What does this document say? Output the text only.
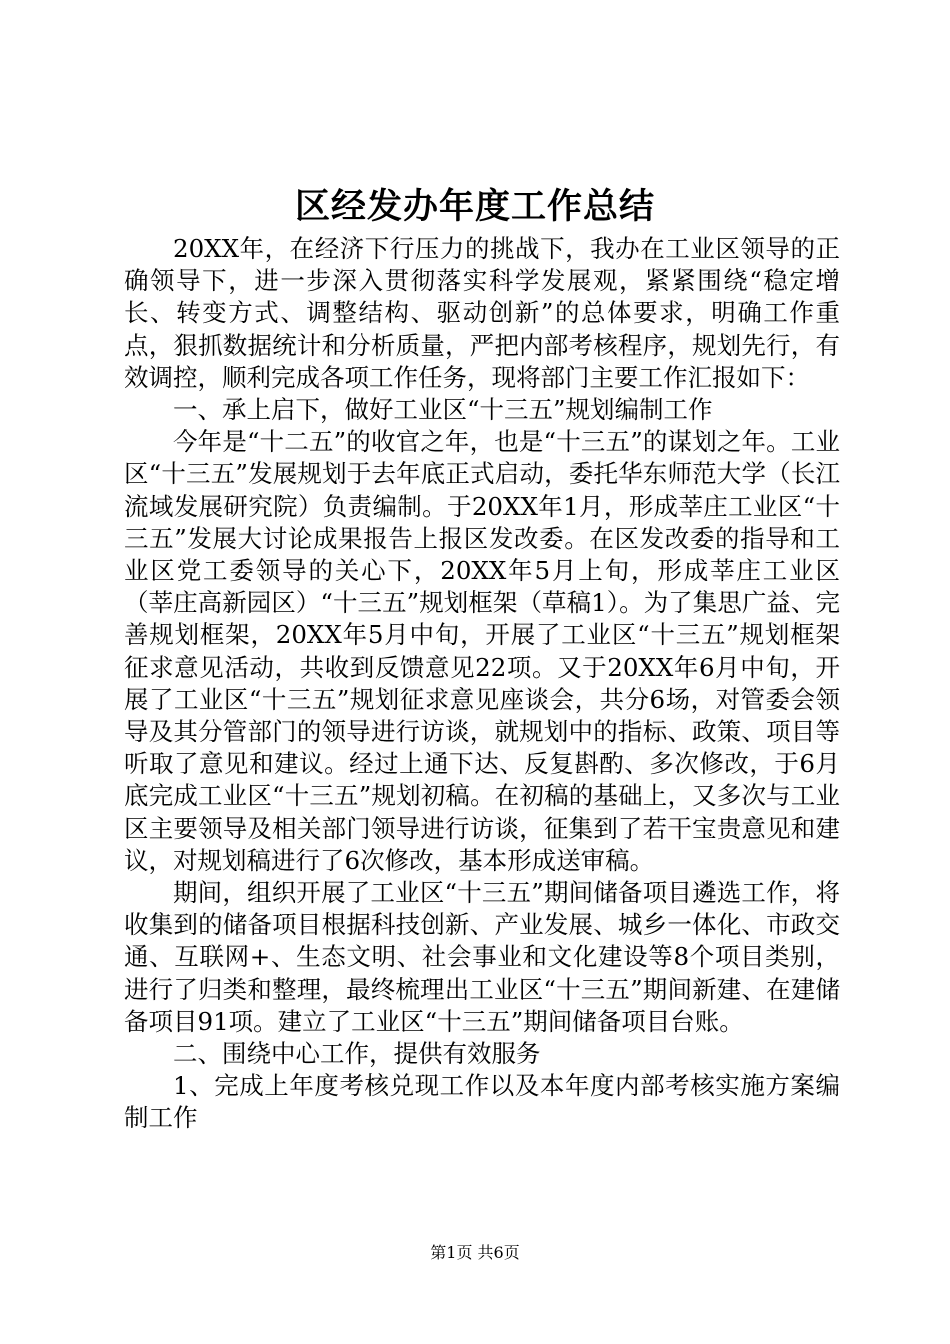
区经发办年度工作总结

20XX年，在经济下行压力的挑战下，我办在工业区领导的正确领导下，进一步深入贯彻落实科学发展观，紧紧围绕“稳定增长、转变方式、调整结构、驱动创新”的总体要求，明确工作重点，狠抓数据统计和分析质量，严把内部考核程序，规划先行，有效调控，顺利完成各项工作任务，现将部门主要工作汇报如下：

一、承上启下，做好工业区“十三五”规划编制工作

今年是“十二五”的收官之年，也是“十三五”的谋划之年。工业区“十三五”发展规划于去年底正式启动，委托华东师范大学（长江流域发展研究院）负责编制。于20XX年1月，形成莘庄工业区“十三五”发展大讨论成果报告上报区发改委。在区发改委的指导和工业区党工委领导的关心下，20XX年5月上旬，形成莘庄工业区（莘庄高新园区）“十三五”规划框架（草稿1）。为了集思广益、完善规划框架，20XX年5月中旬，开展了工业区“十三五”规划框架征求意见活动，共收到反馈意见22项。又于20XX年6月中旬，开展了工业区“十三五”规划征求意见座谈会，共分6场，对管委会领导及其分管部门的领导进行访谈，就规划中的指标、政策、项目等听取了意见和建议。经过上通下达、反复斟酌、多次修改，于6月底完成工业区“十三五”规划初稿。在初稿的基础上，又多次与工业区主要领导及相关部门领导进行访谈，征集到了若干宝贵意见和建议，对规划稿进行了6次修改，基本形成送审稿。

期间，组织开展了工业区“十三五”期间储备项目遴选工作，将收集到的储备项目根据科技创新、产业发展、城乡一体化、市政交通、互联网+、生态文明、社会事业和文化建设等8个项目类别，进行了归类和整理，最终梳理出工业区“十三五”期间新建、在建储备项目91项。建立了工业区“十三五”期间储备项目台账。

二、围绕中心工作，提供有效服务

1、完成上年度考核兑现工作以及本年度内部考核实施方案编制工作

第1页 共6页
